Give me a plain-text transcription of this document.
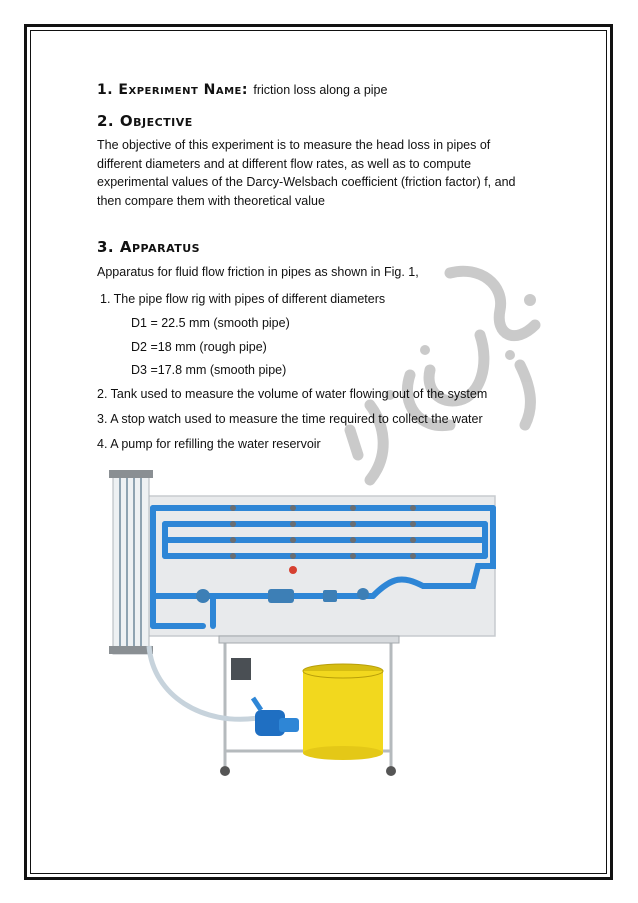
1. Experiment Name: friction loss along a pipe
2. Objective
The objective of this experiment is to measure the head loss in pipes of different diameters and at different flow rates, as well as to compute experimental values of the Darcy-Welsbach coefficient (friction factor) f, and then compare them with theoretical value
3. Apparatus
Apparatus for fluid flow friction in pipes as shown in Fig. 1,
1. The pipe flow rig with pipes of different diameters
D1 = 22.5 mm (smooth pipe)
D2 =18 mm (rough pipe)
D3 =17.8 mm (smooth pipe)
2. Tank used to measure the volume of water flowing out of the system
3. A stop watch used to measure the time required to collect the water
4. A pump for refilling the water reservoir
